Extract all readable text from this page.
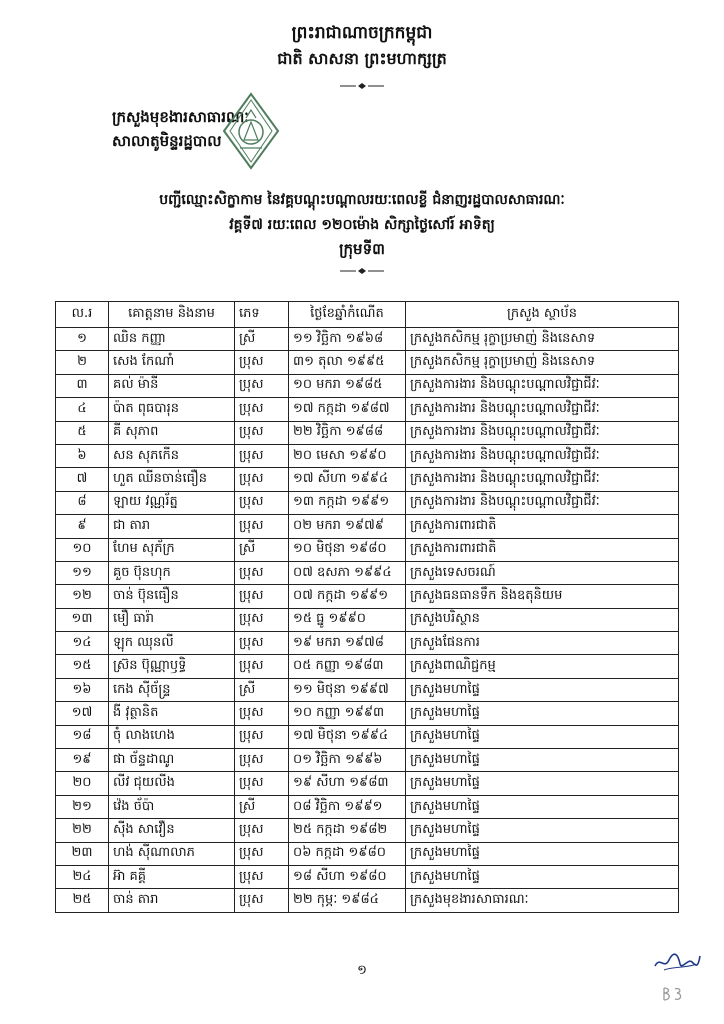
ព្រះរាជាណាចក្រកម្ពុជា
ជាតិ សាសនា ព្រះមហាក្សត្រ
ក្រសួងមុខងារសាធារណៈ
សាលាតូមិន្ទរដ្ឋបាល
បញ្ជីឈ្មោះសិក្ខាកាម នៃវគ្គបណ្តុះបណ្តាលរយៈពេលខ្លី ជំនាញរដ្ឋបាលសាធារណៈ
វគ្គទី៧ រយៈពេល ១២០ម៉ោង សិក្សាថ្ងៃសៅរ៍ អាទិត្យ
ក្រុមទី៣
ល.រ	គោត្តនាម និងនាម	ភេទ	ថ្ងៃខែឆ្នាំកំណើត	ក្រសួង ស្ថាប័ន
១	ឈិន កញ្ញា	ស្រី	១១ វិច្ឆិកា ១៩៦៨	ក្រសួងកសិកម្ម រុក្ខាប្រមាញ់ និងនេសាទ
២	សេង កែណាំ	ប្រុស	៣១ តុលា ១៩៩៥	ក្រសួងកសិកម្ម រុក្ខាប្រមាញ់ និងនេសាទ
៣	គល់ ម៉ានី	ប្រុស	១០ មករា ១៩៨៥	ក្រសួងការងារ និងបណ្តុះបណ្តាលវិជ្ជាជីវៈ
៤	ប៉ាត ពុធបារុន	ប្រុស	១៧ កក្កដា ១៩៨៧	ក្រសួងការងារ និងបណ្តុះបណ្តាលវិជ្ជាជីវៈ
៥	គី សុភាព	ប្រុស	២២ វិច្ឆិកា ១៩៨៨	ក្រសួងការងារ និងបណ្តុះបណ្តាលវិជ្ជាជីវៈ
៦	សន សុភកើន	ប្រុស	២០ មេសា ១៩៩០	ក្រសួងការងារ និងបណ្តុះបណ្តាលវិជ្ជាជីវៈ
៧	ហួត ឈីនចាន់ធឿន	ប្រុស	១៧ សីហា ១៩៩៤	ក្រសួងការងារ និងបណ្តុះបណ្តាលវិជ្ជាជីវៈ
៨	ឡាយ វណ្ណរ័ត្ន	ប្រុស	១៣ កក្កដា ១៩៩១	ក្រសួងការងារ និងបណ្តុះបណ្តាលវិជ្ជាជីវៈ
៩	ជា តារា	ប្រុស	០២ មករា ១៩៧៩	ក្រសួងការពារជាតិ
១០	ហែម សុភ័ក្រ	ស្រី	១០ មិថុនា ១៩៨០	ក្រសួងការពារជាតិ
១១	គួច ប៊ុនហុក	ប្រុស	០៧ ឧសភា ១៩៩៤	ក្រសួងទេសចរណ៍
១២	ចាន់ ប៊ុនធឿន	ប្រុស	០៧ កក្កដា ១៩៩១	ក្រសួងធនធានទឹក និងឧតុនិយម
១៣	មឿ ធារ៉ា	ប្រុស	១៥ ធ្នូ ១៩៩០	ក្រសួងបរិស្ថាន
១៤	ឡុក ឈុនលី	ប្រុស	១៩ មករា ១៩៧៨	ក្រសួងផែនការ
១៥	ស្រ៊ន ប៊ុណ្ណាឫទ្ធិ	ប្រុស	០៥ កញ្ញា ១៩៨៣	ក្រសួងពាណិជ្ជកម្ម
១៦	កេង ស៊ីច័ន្ទ្រ	ស្រី	១១ មិថុនា ១៩៩៧	ក្រសួងមហាផ្ទៃ
១៧	ងី វុត្ថានិត	ប្រុស	១០ កញ្ញា ១៩៩៣	ក្រសួងមហាផ្ទៃ
១៨	ចុំ លាងហេង	ប្រុស	១៧ មិថុនា ១៩៩៤	ក្រសួងមហាផ្ទៃ
១៩	ផា ច័ន្ទដាណូ	ប្រុស	០១ វិច្ឆិកា ១៩៩៦	ក្រសួងមហាផ្ទៃ
២០	លីវ ជុយលីង	ប្រុស	១៩ សីហា ១៩៨៣	ក្រសួងមហាផ្ទៃ
២១	វ៉េង ច័ប៉ា	ស្រី	០៨ វិច្ឆិកា ១៩៩១	ក្រសួងមហាផ្ទៃ
២២	ស៊ីង សាវឿន	ប្រុស	២៥ កក្កដា ១៩៨២	ក្រសួងមហាផ្ទៃ
២៣	ហង់ ស៊ីណាលាភ	ប្រុស	០៦ កក្កដា ១៩៨០	ក្រសួងមហាផ្ទៃ
២៤	អ៊ា គគ្គី	ប្រុស	១៨ សីហា ១៩៨០	ក្រសួងមហាផ្ទៃ
២៥	ចាន់ តារា	ប្រុស	២២ កុម្ភៈ ១៩៨៤	ក្រសួងមុខងារសាធារណៈ
១
